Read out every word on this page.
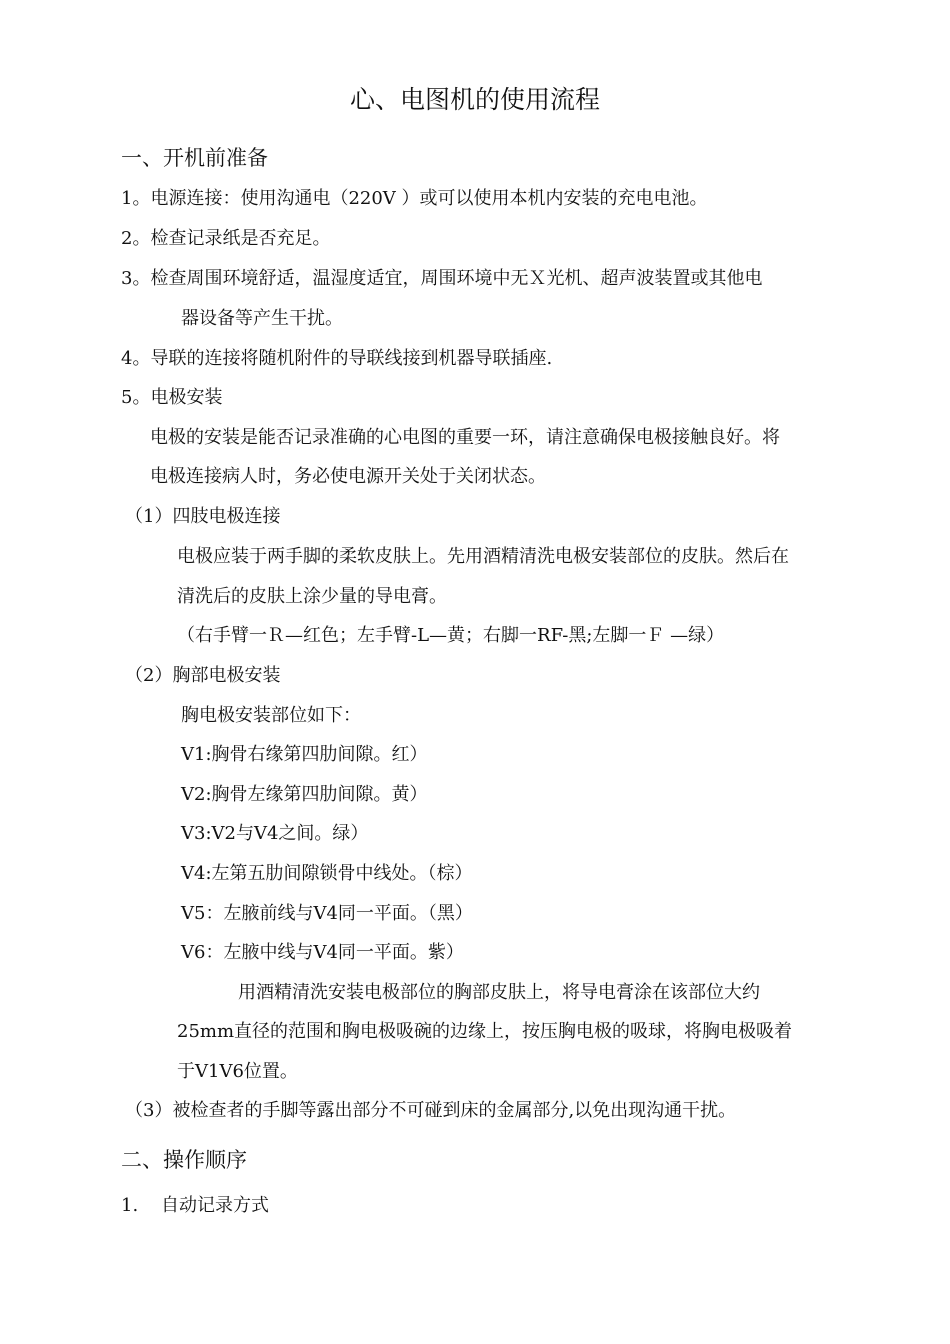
心、电图机的使用流程
一、开机前准备
1。电源连接：使用沟通电（220V ）或可以使用本机内安装的充电电池。
2。检查记录纸是否充足。
3。检查周围环境舒适，温湿度适宜，周围环境中无Ｘ光机、超声波装置或其他电
器设备等产生干扰。
4。导联的连接将随机附件的导联线接到机器导联插座.
5。电极安装
电极的安装是能否记录准确的心电图的重要一环，请注意确保电极接触良好。将
电极连接病人时，务必使电源开关处于关闭状态。
（1）四肢电极连接
电极应装于两手脚的柔软皮肤上。先用酒精清洗电极安装部位的皮肤。然后在
清洗后的皮肤上涂少量的导电膏。
（右手臂一Ｒ—红色；左手臂-L—黄；右脚一RF-黑;左脚一Ｆ —绿）
（2）胸部电极安装
胸电极安装部位如下：
V1:胸骨右缘第四肋间隙。红）
V2:胸骨左缘第四肋间隙。黄）
V3:V2与V4之间。绿）
V4:左第五肋间隙锁骨中线处。（棕）
V5：左腋前线与V4同一平面。（黑）
V6：左腋中线与V4同一平面。紫）
用酒精清洗安装电极部位的胸部皮肤上，将导电膏涂在该部位大约
25mm直径的范围和胸电极吸碗的边缘上，按压胸电极的吸球，将胸电极吸着
于V1V6位置。
（3）被检查者的手脚等露出部分不可碰到床的金属部分,以免出现沟通干扰。
二、操作顺序
1.    自动记录方式
